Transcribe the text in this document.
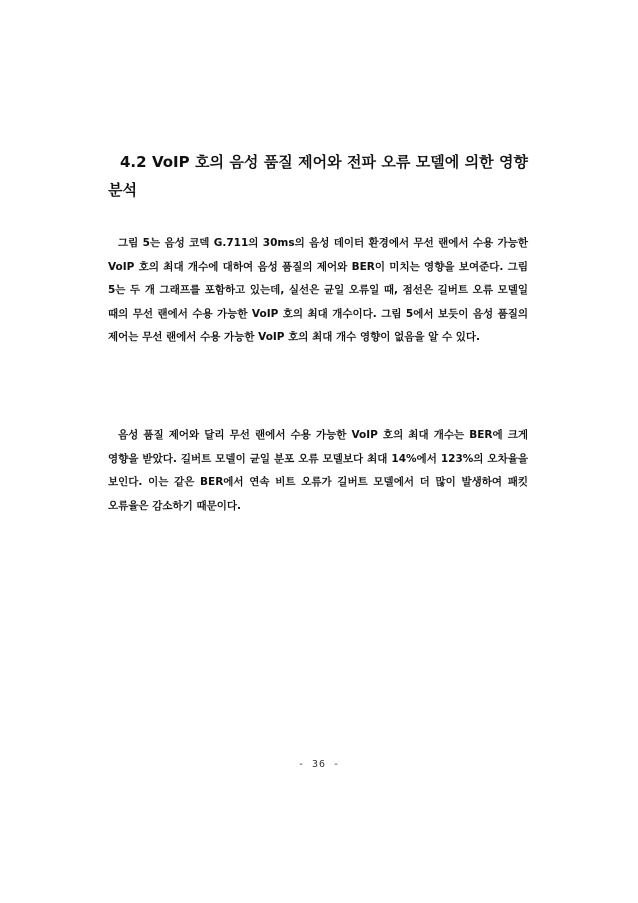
4.2 VoIP 호의 음성 품질 제어와 전파 오류 모델에 의한 영향 분석
그림 5는 음성 코덱 G.711의 30ms의 음성 데이터 환경에서 무선 랜에서 수용 가능한 VoIP 호의 최대 개수에 대하여 음성 품질의 제어와 BER이 미치는 영향을 보여준다. 그림 5는 두 개 그래프를 포함하고 있는데, 실선은 균일 오류일 때, 점선은 길버트 오류 모델일 때의 무선 랜에서 수용 가능한 VoIP 호의 최대 개수이다. 그림 5에서 보듯이 음성 품질의 제어는 무선 랜에서 수용 가능한 VoIP 호의 최대 개수 영향이 없음을 알 수 있다.
음성 품질 제어와 달리 무선 랜에서 수용 가능한 VoIP 호의 최대 개수는 BER에 크게 영향을 받았다. 길버트 모델이 균일 분포 오류 모델보다 최대 14%에서 123%의 오차율을 보인다. 이는 같은 BER에서 연속 비트 오류가 길버트 모델에서 더 많이 발생하여 패킷 오류율은 감소하기 때문이다.
- 36 -
